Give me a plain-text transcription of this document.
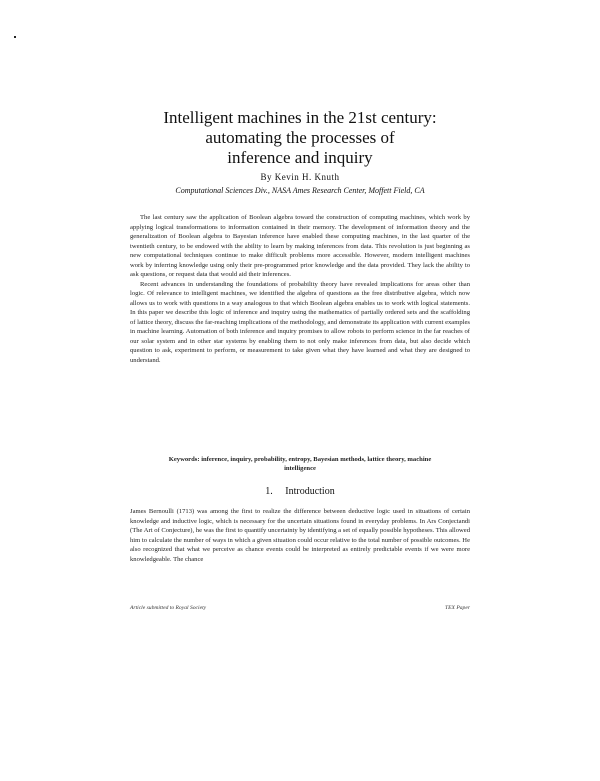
Intelligent machines in the 21st century:
automating the processes of
inference and inquiry
By Kevin H. Knuth
Computational Sciences Div., NASA Ames Research Center, Moffett Field, CA

The last century saw the application of Boolean algebra toward the construction of computing machines, which work by applying logical transformations to information contained in their memory. The development of information theory and the generalization of Boolean algebra to Bayesian inference have enabled these computing machines, in the last quarter of the twentieth century, to be endowed with the ability to learn by making inferences from data. This revolution is just beginning as new computational techniques continue to make difficult problems more accessible. However, modern intelligent machines work by inferring knowledge using only their pre-programmed prior knowledge and the data provided. They lack the ability to ask questions, or request data that would aid their inferences.

Recent advances in understanding the foundations of probability theory have revealed implications for areas other than logic. Of relevance to intelligent machines, we identified the algebra of questions as the free distributive algebra, which now allows us to work with questions in a way analogous to that which Boolean algebra enables us to work with logical statements. In this paper we describe this logic of inference and inquiry using the mathematics of partially ordered sets and the scaffolding of lattice theory, discuss the far-reaching implications of the methodology, and demonstrate its application with current examples in machine learning. Automation of both inference and inquiry promises to allow robots to perform science in the far reaches of our solar system and in other star systems by enabling them to not only make inferences from data, but also decide which question to ask, experiment to perform, or measurement to take given what they have learned and what they are designed to understand.

Keywords: inference, inquiry, probability, entropy, Bayesian methods, lattice theory, machine intelligence
1. Introduction

James Bernoulli (1713) was among the first to realize the difference between deductive logic used in situations of certain knowledge and inductive logic, which is necessary for the uncertain situations found in everyday problems. In Ars Conjectandi (The Art of Conjecture), he was the first to quantify uncertainty by identifying a set of equally possible hypotheses. This allowed him to calculate the number of ways in which a given situation could occur relative to the total number of possible outcomes. He also recognized that what we perceive as chance events could be interpreted as entirely predictable events if we were more knowledgeable. The chance

Article submitted to Royal Society	TEX Paper
